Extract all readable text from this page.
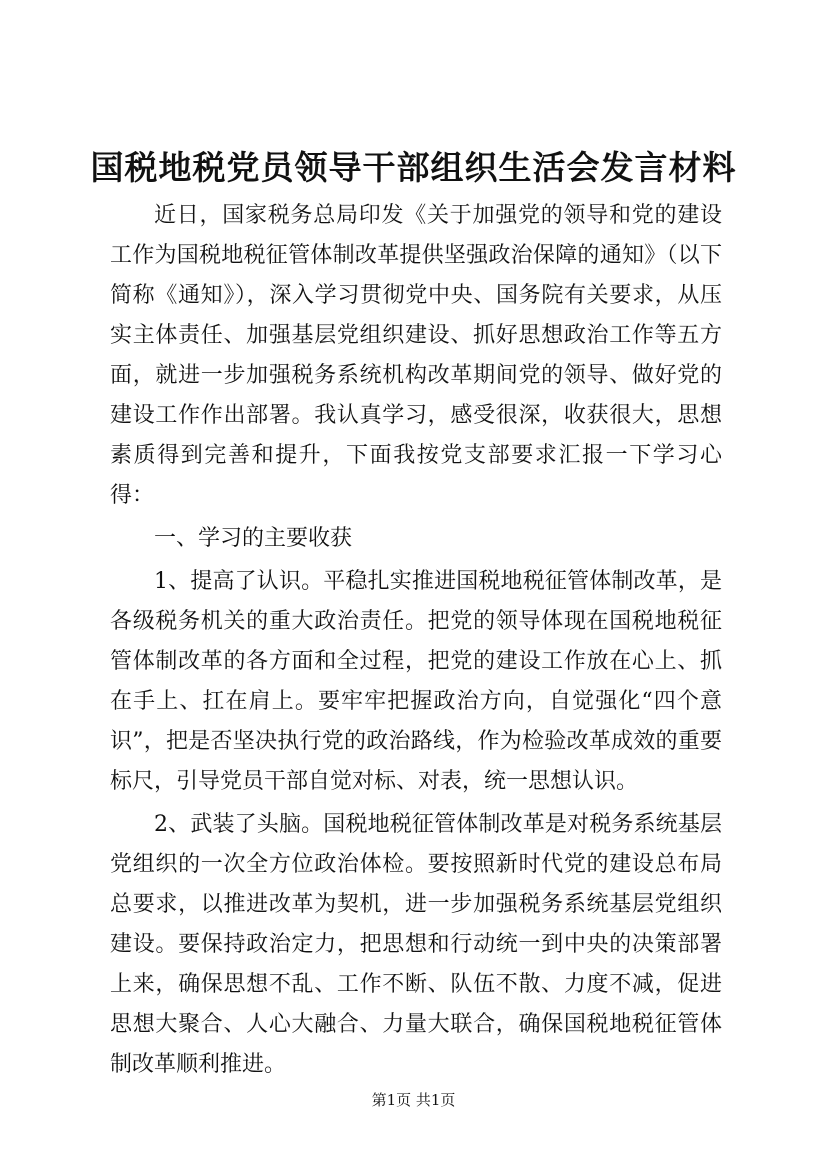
国税地税党员领导干部组织生活会发言材料

近日，国家税务总局印发《关于加强党的领导和党的建设工作为国税地税征管体制改革提供坚强政治保障的通知》（以下简称《通知》），深入学习贯彻党中央、国务院有关要求，从压实主体责任、加强基层党组织建设、抓好思想政治工作等五方面，就进一步加强税务系统机构改革期间党的领导、做好党的建设工作作出部署。我认真学习，感受很深，收获很大，思想素质得到完善和提升，下面我按党支部要求汇报一下学习心得：

一、学习的主要收获

1、提高了认识。平稳扎实推进国税地税征管体制改革，是各级税务机关的重大政治责任。把党的领导体现在国税地税征管体制改革的各方面和全过程，把党的建设工作放在心上、抓在手上、扛在肩上。要牢牢把握政治方向，自觉强化“四个意识”，把是否坚决执行党的政治路线，作为检验改革成效的重要标尺，引导党员干部自觉对标、对表，统一思想认识。

2、武装了头脑。国税地税征管体制改革是对税务系统基层党组织的一次全方位政治体检。要按照新时代党的建设总布局总要求，以推进改革为契机，进一步加强税务系统基层党组织建设。要保持政治定力，把思想和行动统一到中央的决策部署上来，确保思想不乱、工作不断、队伍不散、力度不减，促进思想大聚合、人心大融合、力量大联合，确保国税地税征管体制改革顺利推进。

第1页 共1页
